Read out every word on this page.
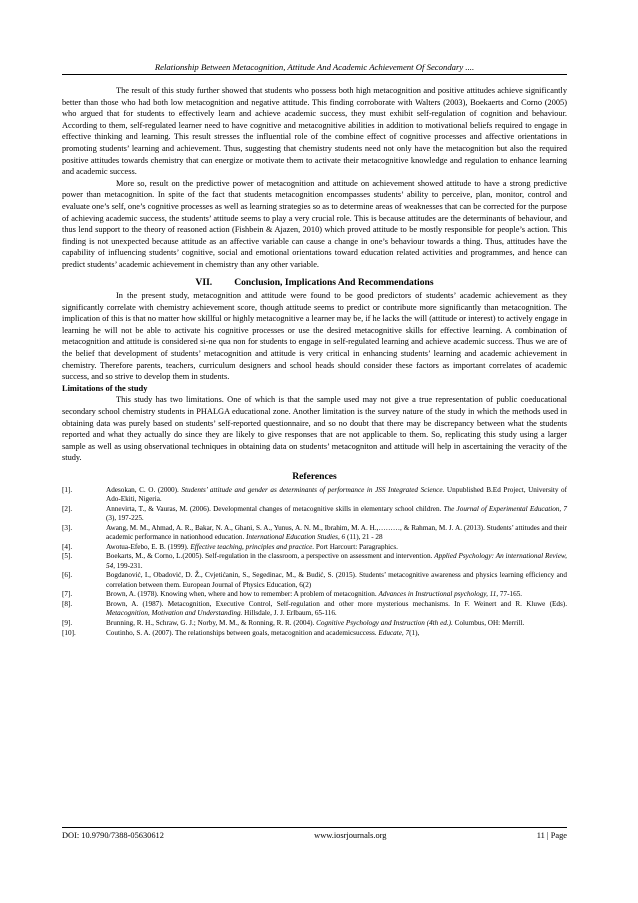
Relationship Between Metacognition, Attitude And Academic Achievement Of Secondary ....

The result of this study further showed that students who possess both high metacognition and positive attitudes achieve significantly better than those who had both low metacognition and negative attitude. This finding corroborate with Walters (2003), Boekaerts and Corno (2005) who argued that for students to effectively learn and achieve academic success, they must exhibit self-regulation of cognition and behaviour. According to them, self-regulated learner need to have cognitive and metacognitive abilities in addition to motivational beliefs required to engage in effective thinking and learning. This result stresses the influential role of the combine effect of cognitive processes and affective orientations in promoting students’ learning and achievement. Thus, suggesting that chemistry students need not only have the metacognition but also the required positive attitudes towards chemistry that can energize or motivate them to activate their metacognitive knowledge and regulation to enhance learning and academic success.

More so, result on the predictive power of metacognition and attitude on achievement showed attitude to have a strong predictive power than metacognition. In spite of the fact that students metacognition encompasses students’ ability to perceive, plan, monitor, control and evaluate one’s self, one’s cognitive processes as well as learning strategies so as to determine areas of weaknesses that can be corrected for the purpose of achieving academic success, the students’ attitude seems to play a very crucial role. This is because attitudes are the determinants of behaviour, and thus lend support to the theory of reasoned action (Fishbein & Ajazen, 2010) which proved attitude to be mostly responsible for people’s action. This finding is not unexpected because attitude as an affective variable can cause a change in one’s behaviour towards a thing. Thus, attitudes have the capability of influencing students’ cognitive, social and emotional orientations toward education related activities and programmes, and hence can predict students’ academic achievement in chemistry than any other variable.

VII. Conclusion, Implications And Recommendations

In the present study, metacognition and attitude were found to be good predictors of students’ academic achievement as they significantly correlate with chemistry achievement score, though attitude seems to predict or contribute more significantly than metacognition. The implication of this is that no matter how skillful or highly metacognitive a learner may be, if he lacks the will (attitude or interest) to actively engage in learning he will not be able to activate his cognitive processes or use the desired metacognitive skills for effective learning. A combination of metacognition and attitude is considered si-ne qua non for students to engage in self-regulated learning and achieve academic success. Thus we are of the belief that development of students’ metacognition and attitude is very critical in enhancing students’ learning and academic achievement in chemistry. Therefore parents, teachers, curriculum designers and school heads should consider these factors as important correlates of academic success, and so strive to develop them in students.

Limitations of the study

This study has two limitations. One of which is that the sample used may not give a true representation of public coeducational secondary school chemistry students in PHALGA educational zone. Another limitation is the survey nature of the study in which the methods used in obtaining data was purely based on students’ self-reported questionnaire, and so no doubt that there may be discrepancy between what the students reported and what they actually do since they are likely to give responses that are not applicable to them. So, replicating this study using a larger sample as well as using observational techniques in obtaining data on students’ metacogniton and attitude will help in ascertaining the veracity of the study.

References
[1].	Adesokan, C. O. (2000). Students’ attitude and gender as determinants of performance in JSS Integrated Science. Unpublished B.Ed Project, University of Ado-Ekiti, Nigeria.
[2].	Annevirta, T., & Vauras, M. (2006). Developmental changes of metacognitive skills in elementary school children. The Journal of Experimental Education, 7 (3), 197-225.
[3].	Awang, M. M., Ahmad, A. R., Bakar, N. A., Ghani, S. A., Yunus, A. N. M., Ibrahim, M. A. H.,………, & Rahman, M. J. A. (2013). Students’ attitudes and their academic performance in nationhood education. International Education Studies, 6 (11), 21 - 28
[4].	Awotua-Efebo, E. B. (1999). Effective teaching, principles and practice. Port Harcourt: Paragraphics.
[5].	Boekarts, M., & Corno, L.(2005). Self-regulation in the classroom, a perspective on assessment and intervention. Applied Psychology: An international Review, 54, 199-231.
[6].	Bogdanović, I., Obadović, D. Ž., Cvjetićanin, S., Segedinac, M., & Budić, S. (2015). Students’ metacognitive awareness and physics learning efficiency and correlation between them. European Journal of Physics Education, 6(2)
[7].	Brown, A. (1978). Knowing when, where and how to remember: A problem of metacognition. Advances in Instructional psychology, 11, 77-165.
[8].	Brown, A. (1987). Metacognition, Executive Control, Self-regulation and other more mysterious mechanisms. In F. Weinert and R. Kluwe (Eds). Metacognition, Motivation and Understanding. Hillsdale, J. J. Erlbaum, 65-116.
[9].	Brunning, R. H., Schraw, G. J.; Norby, M. M., & Ronning, R. R. (2004). Cognitive Psychology and Instruction (4th ed.). Columbus, OH: Merrill.
[10].	Coutinho, S. A. (2007). The relationships between goals, metacognition and academicsuccess. Educate, 7(1),
DOI: 10.9790/7388-05630612	www.iosrjournals.org	11 | Page
